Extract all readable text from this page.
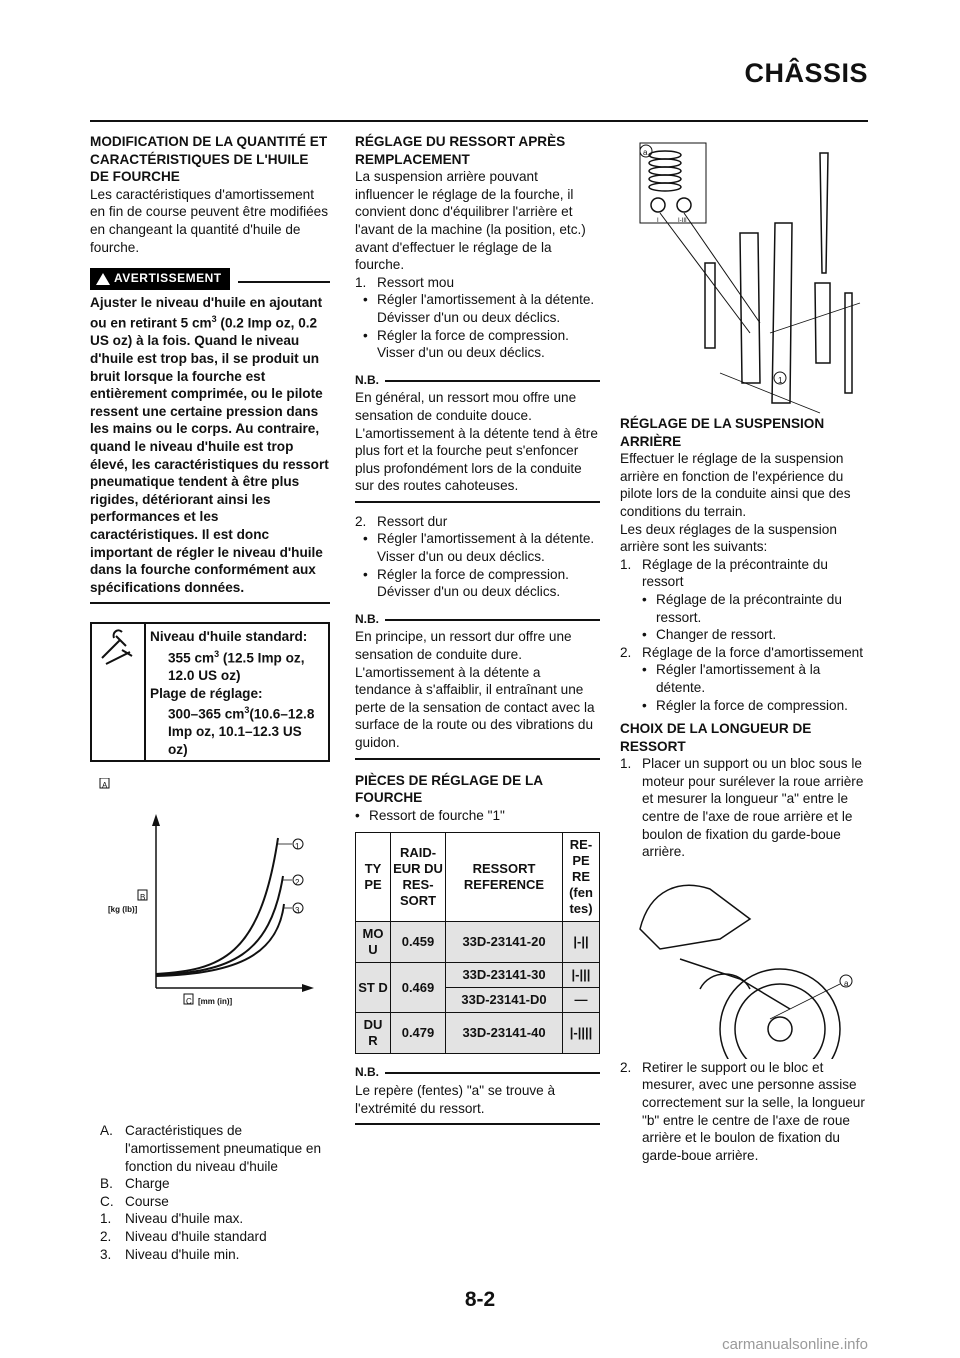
CHÂSSIS

MODIFICATION DE LA QUANTITÉ ET CARACTÉRISTIQUES DE L'HUILE DE FOURCHE

Les caractéristiques d'amortissement en fin de course peuvent être modifiées en changeant la quantité d'huile de fourche.

AVERTISSEMENT
Ajuster le niveau d'huile en ajoutant ou en retirant 5 $cm^3$ (0.2 Imp oz, 0.2 US oz) à la fois. Quand le niveau d'huile est trop bas, il se produit un bruit lorsque la fourche est entièrement comprimée, ou le pilote ressent une certaine pression dans les mains ou le corps. Au contraire, quand le niveau d'huile est trop élevé, les caractéristiques du ressort pneumatique tendent à être plus rigides, détériorant ainsi les performances et les caractéristiques. Il est donc important de régler le niveau d'huile dans la fourche conformément aux spécifications données.
Niveau d'huile standard:
355 $cm^3$ (12.5 Imp oz, 12.0 US oz)
Plage de réglage:
300–365 $cm^3(10.6-12.8$ Imp oz, 10.1–12.3 US oz)
A
B
[kg (lb)]
C [mm (in)]
1
2
3
A. Caractéristiques de l'amortissement pneumatique en fonction du niveau d'huile
B. Charge
C. Course
1.	Niveau d'huile max.
2.	Niveau d'huile standard
3.	Niveau d'huile min.

RÉGLAGE DU RESSORT APRÈS REMPLACEMENT

La suspension arrière pouvant influencer le réglage de la fourche, il convient donc d'équilibrer l'arrière et l'avant de la machine (la position, etc.) avant d'effectuer le réglage de la fourche.

1. Ressort mou
• Régler l'amortissement à la détente.
Dévisser d'un ou deux déclics.
• Régler la force de compression.
Visser d'un ou deux déclics.
N.B.
En général, un ressort mou offre une sensation de conduite douce. L'amortissement à la détente tend à être plus fort et la fourche peut s'enfoncer plus profondément lors de la conduite sur des routes cahoteuses.
2. Ressort dur
• Régler l'amortissement à la détente.
Visser d'un ou deux déclics.
• Régler la force de compression.
Dévisser d'un ou deux déclics.
N.B.
En principe, un ressort dur offre une sensation de conduite dure. L'amortissement à la détente a tendance à s'affaiblir, il entraînant une perte de la sensation de contact avec la surface de la route ou des vibrations du guidon.

PIÈCES DE RÉGLAGE DE LA FOURCHE

• Ressort de fourche "1"
TY PE	RAID- EUR DU RES- SORT	RESSORT REFERENCE	RE- PE RE (fen tes)
MO U	0.459	33D-23141-20	|-||
ST D	0.469	33D-23141-30	|-|||
		33D-23141-D0	—
DU R	0.479	33D-23141-40	|-||||
N.B.
Le repère (fentes) "a" se trouve à l'extrémité du ressort.
a
1
I	I-III

RÉGLAGE DE LA SUSPENSION ARRIÈRE

Effectuer le réglage de la suspension arrière en fonction de l'expérience du pilote lors de la conduite ainsi que des conditions du terrain.

Les deux réglages de la suspension arrière sont les suivants:

1. Réglage de la précontrainte du ressort
• Réglage de la précontrainte du ressort.
• Changer de ressort.
2. Réglage de la force d'amortissement
• Régler l'amortissement à la détente.
• Régler la force de compression.

CHOIX DE LA LONGUEUR DE RESSORT

1. Placer un support ou un bloc sous le moteur pour surélever la roue arrière et mesurer la longueur "a" entre le centre de l'axe de roue arrière et le boulon de fixation du garde-boue arrière.
a
2. Retirer le support ou le bloc et mesurer, avec une personne assise correctement sur la selle, la longueur "b" entre le centre de l'axe de roue arrière et le boulon de fixation du garde-boue arrière.
8-2
carmanualsonline.info
